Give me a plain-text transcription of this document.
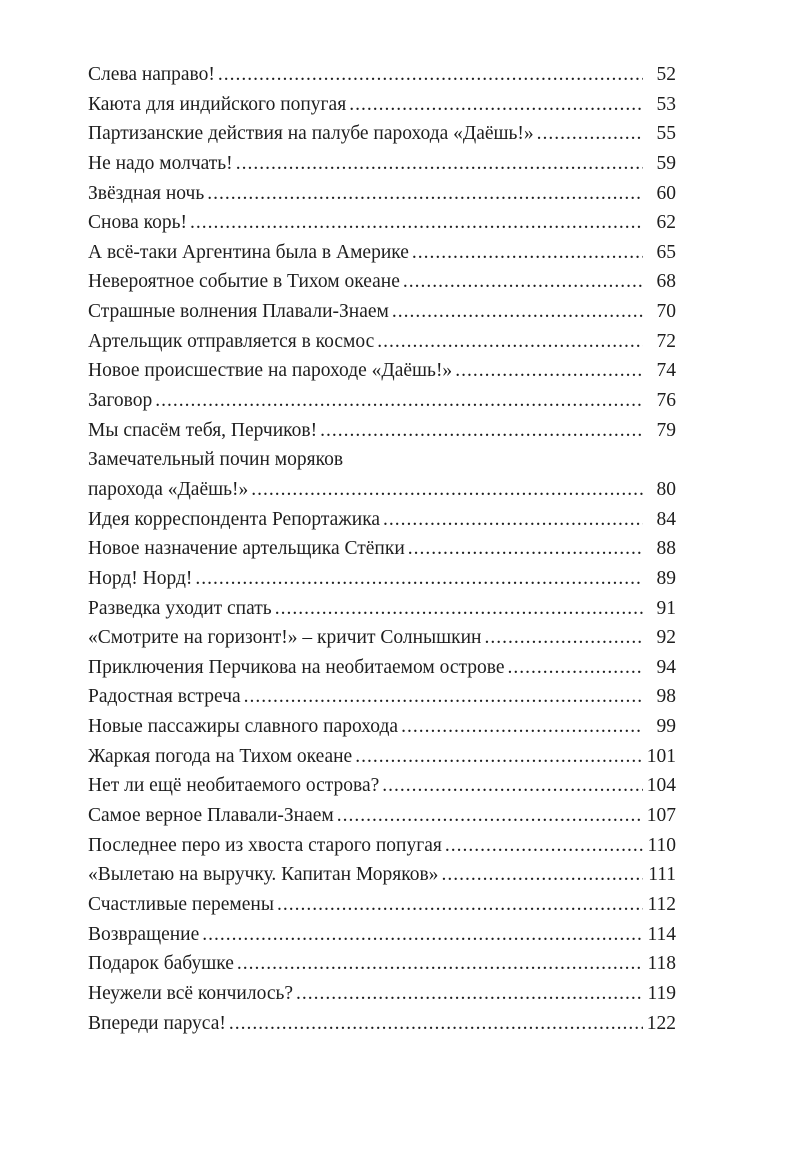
Слева направо! .....	52
Каюта для индийского попугая .....	53
Партизанские действия на палубе парохода «Даёшь!» .....	55
Не надо молчать! .....	59
Звёздная ночь .....	60
Снова корь! .....	62
А всё-таки Аргентина была в Америке .....	65
Невероятное событие в Тихом океане .....	68
Страшные волнения Плавали-Знаем .....	70
Артельщик отправляется в космос .....	72
Новое происшествие на пароходе «Даёшь!» .....	74
Заговор .....	76
Мы спасём тебя, Перчиков! .....	79
Замечательный почин моряков
парохода «Даёшь!» .....	80
Идея корреспондента Репортажика .....	84
Новое назначение артельщика Стёпки .....	88
Норд! Норд! .....	89
Разведка уходит спать .....	91
«Смотрите на горизонт!» – кричит Солнышкин .....	92
Приключения Перчикова на необитаемом острове .....	94
Радостная встреча .....	98
Новые пассажиры славного парохода .....	99
Жаркая погода на Тихом океане .....	101
Нет ли ещё необитаемого острова? .....	104
Самое верное Плавали-Знаем .....	107
Последнее перо из хвоста старого попугая .....	110
«Вылетаю на выручку. Капитан Моряков» .....	111
Счастливые перемены .....	112
Возвращение .....	114
Подарок бабушке .....	118
Неужели всё кончилось? .....	119
Впереди паруса! .....	122
